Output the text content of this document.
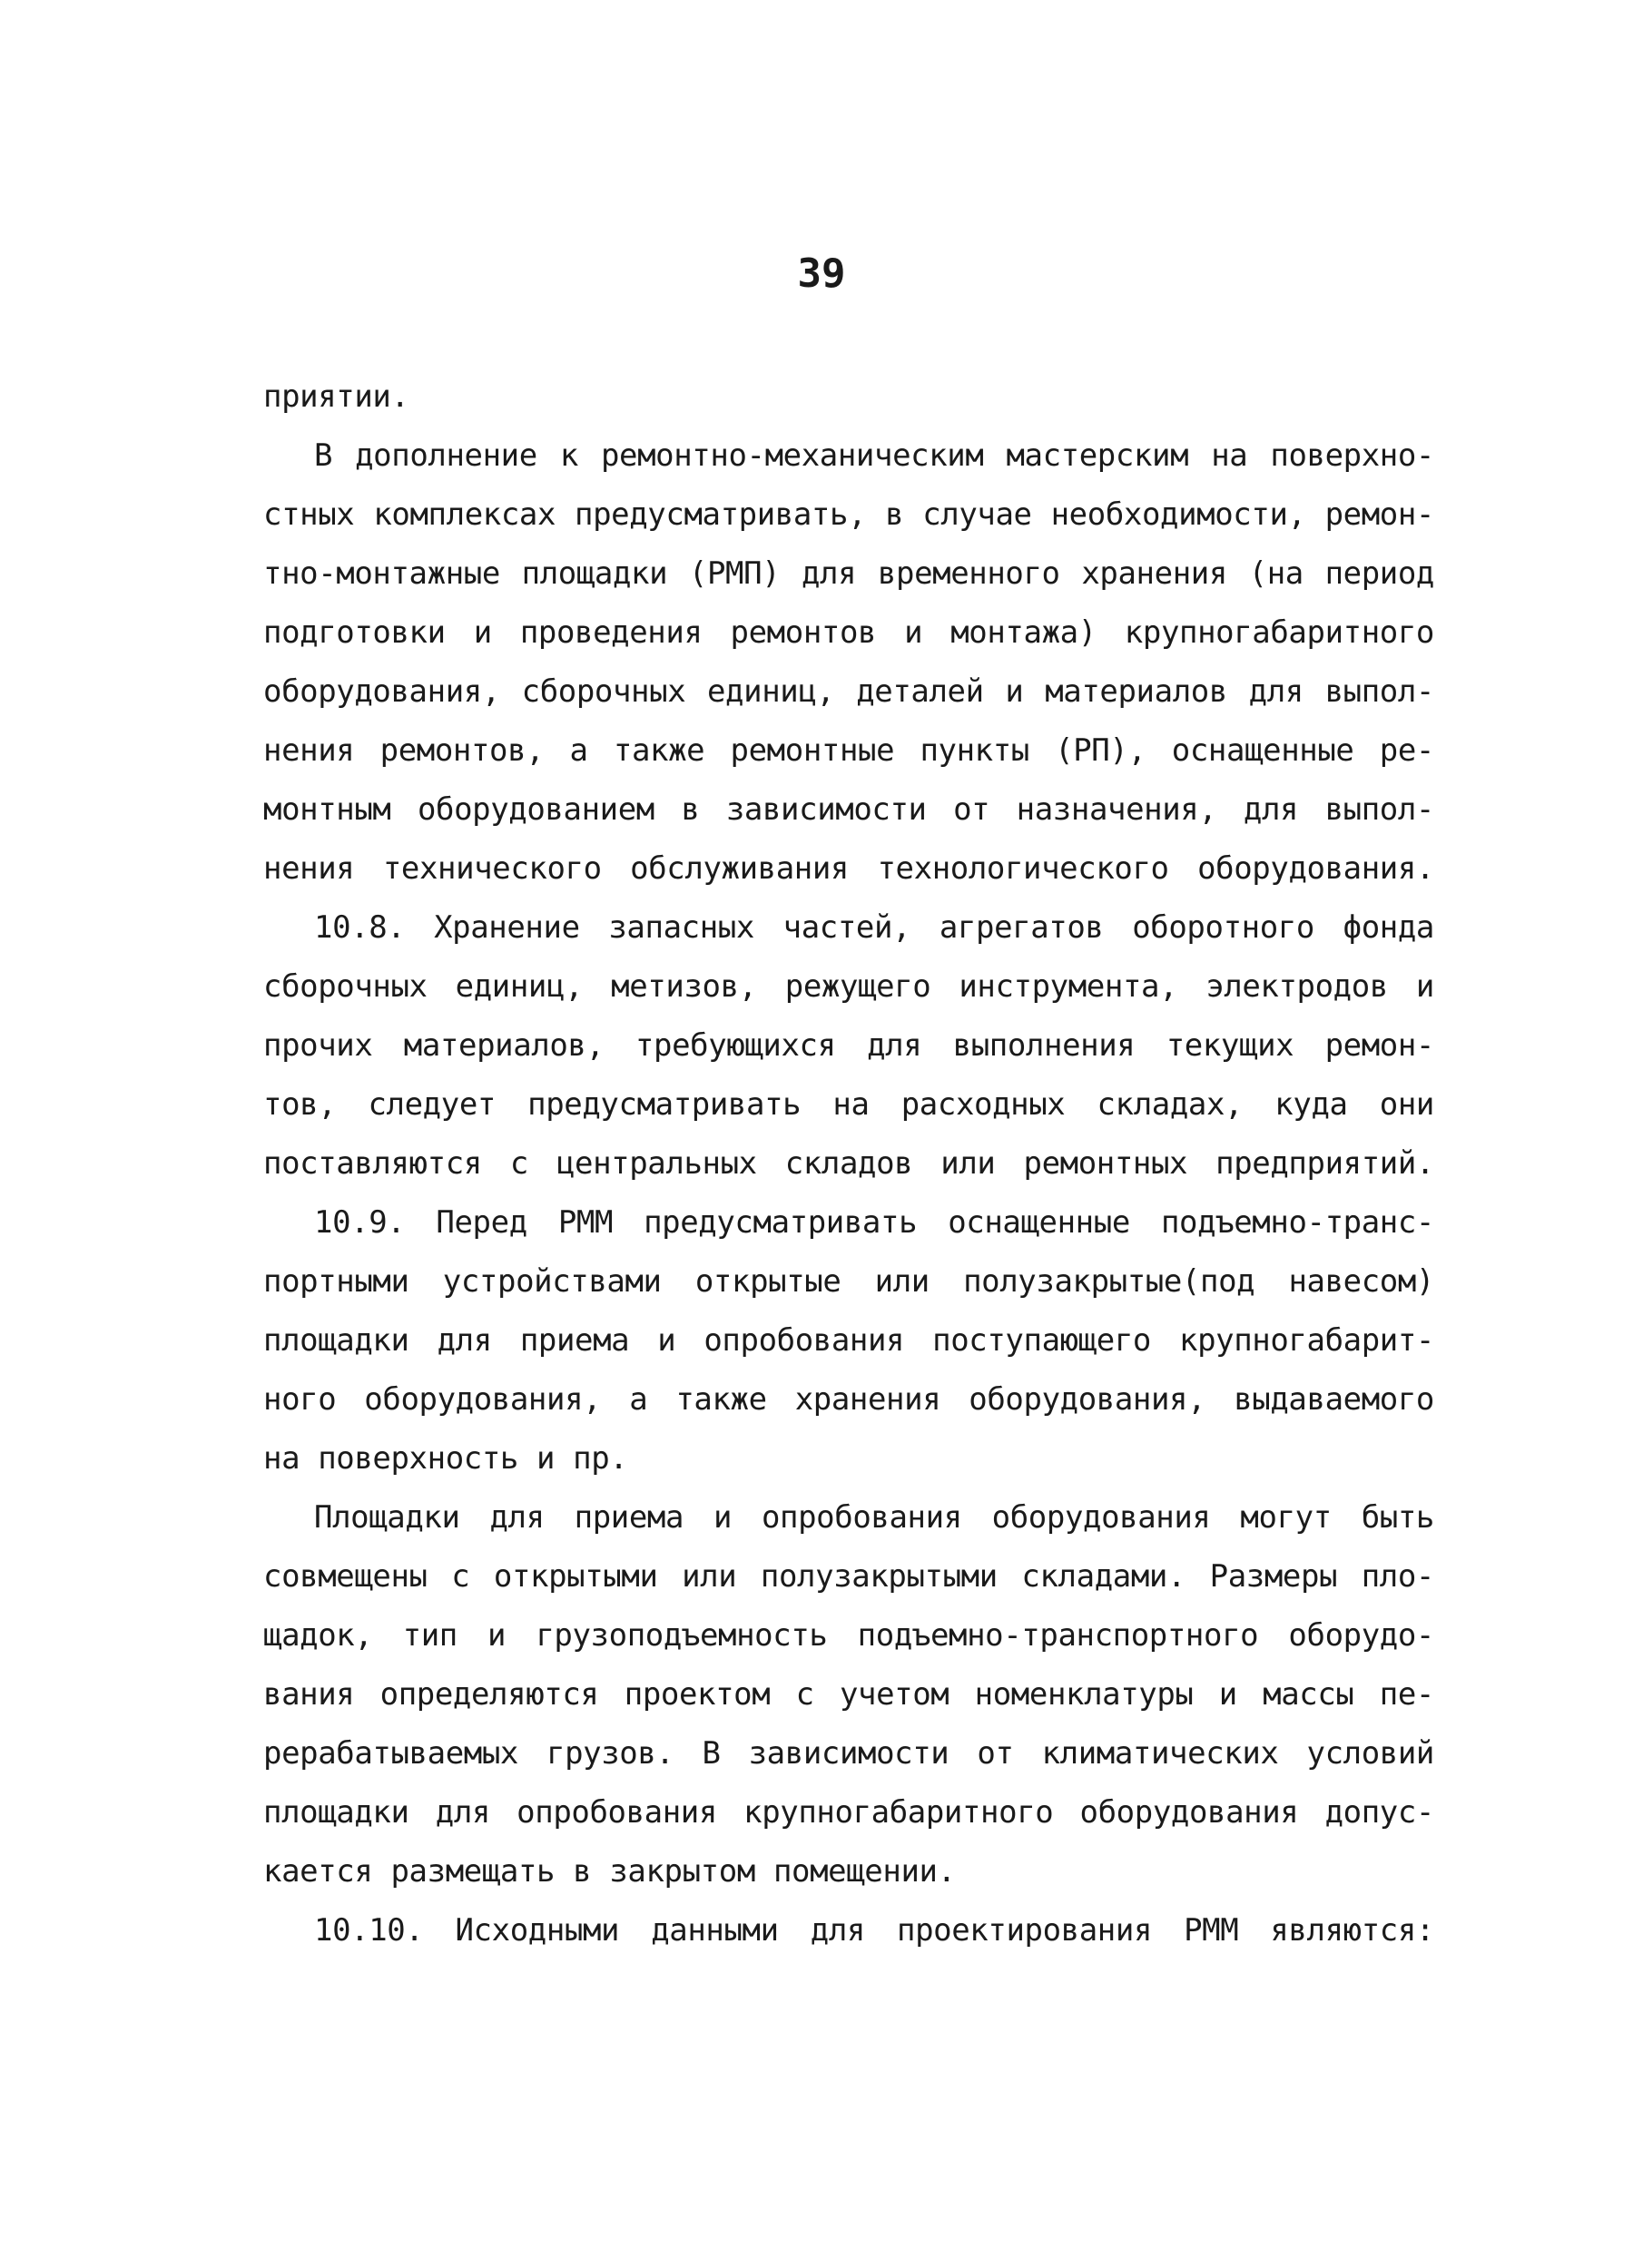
39
приятии.
В дополнение к ремонтно-механическим мастерским на поверхно-
стных комплексах предусматривать, в случае необходимости, ремон-
тно-монтажные площадки (РМП) для временного хранения (на период
подготовки и проведения ремонтов и монтажа) крупногабаритного
оборудования, сборочных единиц, деталей и материалов для выпол-
нения ремонтов, а также ремонтные пункты (РП), оснащенные ре-
монтным оборудованием в зависимости от назначения, для выпол-
нения технического обслуживания технологического оборудования.
10.8. Хранение запасных частей, агрегатов оборотного фонда
сборочных единиц, метизов, режущего инструмента, электродов и
прочих материалов, требующихся для выполнения текущих ремон-
тов, следует предусматривать на расходных складах, куда они
поставляются с центральных складов или ремонтных предприятий.
10.9. Перед РММ предусматривать оснащенные подъемно-транс-
портными устройствами открытые или полузакрытые(под навесом)
площадки для приема и опробования поступающего крупногабарит-
ного оборудования, а также хранения оборудования, выдаваемого
на поверхность и пр.
Площадки для приема и опробования оборудования могут быть
совмещены с открытыми или полузакрытыми складами. Размеры пло-
щадок, тип и грузоподъемность подъемно-транспортного оборудо-
вания определяются проектом с учетом номенклатуры и массы пе-
рерабатываемых грузов. В зависимости от климатических условий
площадки для опробования крупногабаритного оборудования допус-
кается размещать в закрытом помещении.
10.10. Исходными данными для проектирования РММ являются:
